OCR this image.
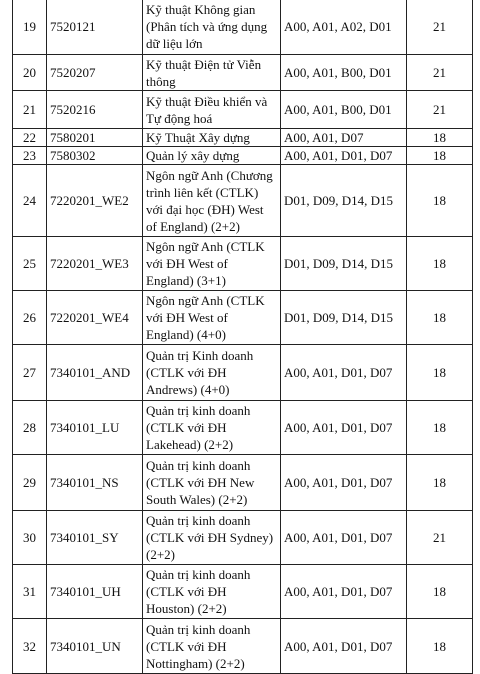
19	7520121	Kỹ thuật Không gian
(Phân tích và ứng dụng
dữ liệu lớn	A00, A01, A02, D01	21
20	7520207	Kỹ thuật Điện tử Viễn
thông	A00, A01, B00, D01	21
21	7520216	Kỹ thuật Điều khiển và
Tự động hoá	A00, A01, B00, D01	21
22	7580201	Kỹ Thuật Xây dựng	A00, A01, D07	18
23	7580302	Quản lý xây dựng	A00, A01, D01, D07	18
24	7220201_WE2	Ngôn ngữ Anh (Chương
trình liên kết (CTLK)
với đại học (ĐH) West
of England) (2+2)	D01, D09, D14, D15	18
25	7220201_WE3	Ngôn ngữ Anh (CTLK
với ĐH West of
England) (3+1)	D01, D09, D14, D15	18
26	7220201_WE4	Ngôn ngữ Anh (CTLK
với ĐH West of
England) (4+0)	D01, D09, D14, D15	18
27	7340101_AND	Quản trị Kinh doanh
(CTLK với ĐH
Andrews) (4+0)	A00, A01, D01, D07	18
28	7340101_LU	Quản trị kinh doanh
(CTLK với ĐH
Lakehead) (2+2)	A00, A01, D01, D07	18
29	7340101_NS	Quản trị kinh doanh
(CTLK với ĐH New
South Wales) (2+2)	A00, A01, D01, D07	18
30	7340101_SY	Quản trị kinh doanh
(CTLK với ĐH Sydney)
(2+2)	A00, A01, D01, D07	21
31	7340101_UH	Quản trị kinh doanh
(CTLK với ĐH
Houston) (2+2)	A00, A01, D01, D07	18
32	7340101_UN	Quản trị kinh doanh
(CTLK với ĐH
Nottingham) (2+2)	A00, A01, D01, D07	18
